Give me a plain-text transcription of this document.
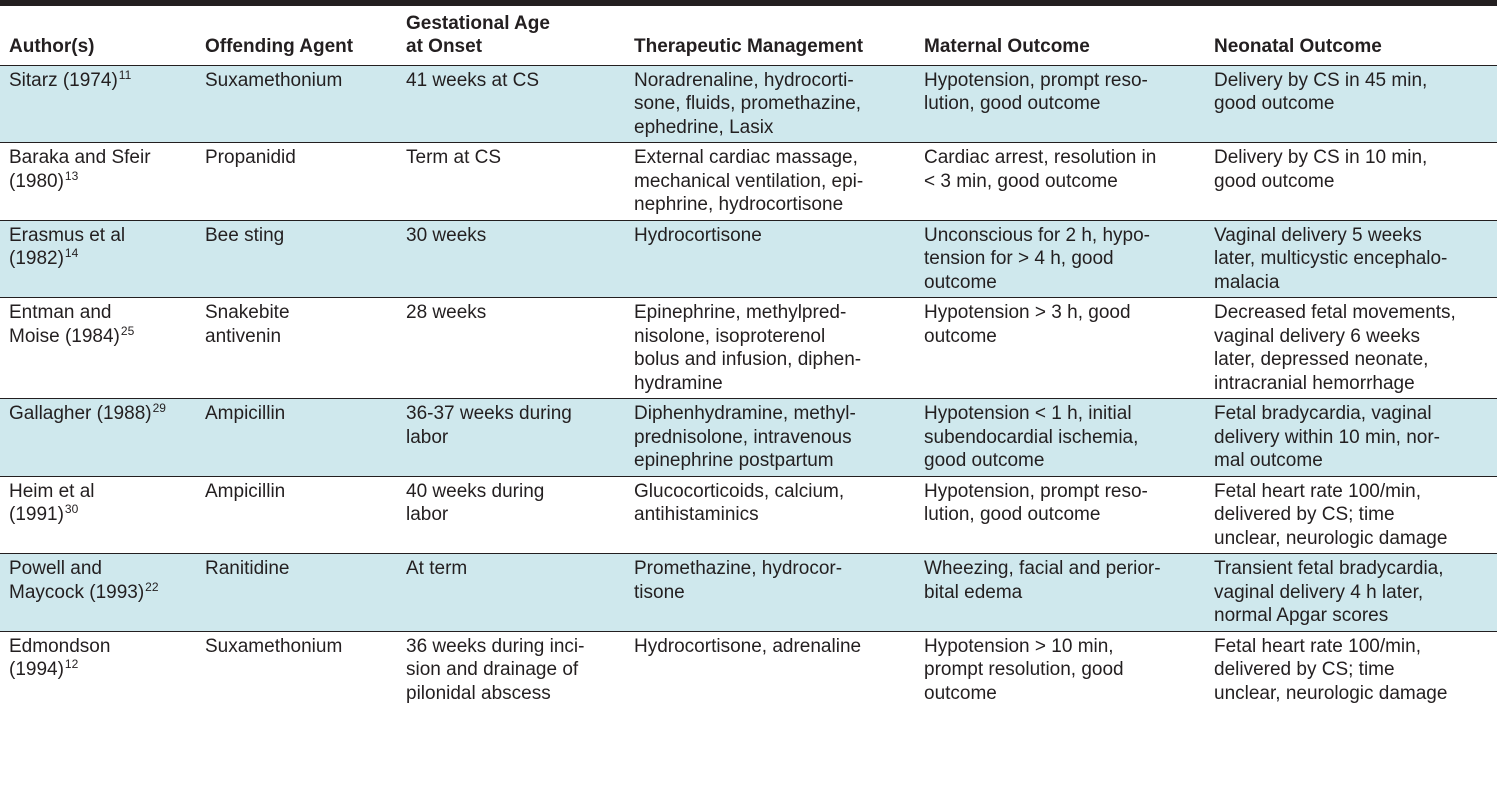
Author(s)	Offending Agent	Gestational Age
at Onset	Therapeutic Management	Maternal Outcome	Neonatal Outcome

Sitarz $(1974)^{11}$	Suxamethonium	41 weeks at CS	Noradrenaline, hydrocorti-
sone, fluids, promethazine,
ephedrine, Lasix	Hypotension, prompt reso-
lution, good outcome	Delivery by CS in 45 min,
good outcome

Baraka and Sfeir
$(1980)^{13}$	Propanidid	Term at CS	External cardiac massage,
mechanical ventilation, epi-
nephrine, hydrocortisone	Cardiac arrest, resolution in
< 3 min, good outcome	Delivery by CS in 10 min,
good outcome

Erasmus et al
$(1982)^{14}$	Bee sting	30 weeks	Hydrocortisone	Unconscious for 2 h, hypo-
tension for > 4 h, good
outcome	Vaginal delivery 5 weeks
later, multicystic encephalo-
malacia

Entman and
Moise $(1984)^{25}$	Snakebite
antivenin	28 weeks	Epinephrine, methylpred-
nisolone, isoproterenol
bolus and infusion, diphen-
hydramine	Hypotension > 3 h, good
outcome	Decreased fetal movements,
vaginal delivery 6 weeks
later, depressed neonate,
intracranial hemorrhage

Gallagher $(1988)^{29}$	Ampicillin	36-37 weeks during
labor	Diphenhydramine, methyl-
prednisolone, intravenous
epinephrine postpartum	Hypotension < 1 h, initial
subendocardial ischemia,
good outcome	Fetal bradycardia, vaginal
delivery within 10 min, nor-
mal outcome

Heim et al
$(1991)^{30}$	Ampicillin	40 weeks during
labor	Glucocorticoids, calcium,
antihistaminics	Hypotension, prompt reso-
lution, good outcome	Fetal heart rate 100/min,
delivered by CS; time
unclear, neurologic damage

Powell and
Maycock $(1993)^{22}$	Ranitidine	At term	Promethazine, hydrocor-
tisone	Wheezing, facial and perior-
bital edema	Transient fetal bradycardia,
vaginal delivery 4 h later,
normal Apgar scores

Edmondson
$(1994)^{12}$	Suxamethonium	36 weeks during inci-
sion and drainage of
pilonidal abscess	Hydrocortisone, adrenaline	Hypotension > 10 min,
prompt resolution, good
outcome	Fetal heart rate 100/min,
delivered by CS; time
unclear, neurologic damage
